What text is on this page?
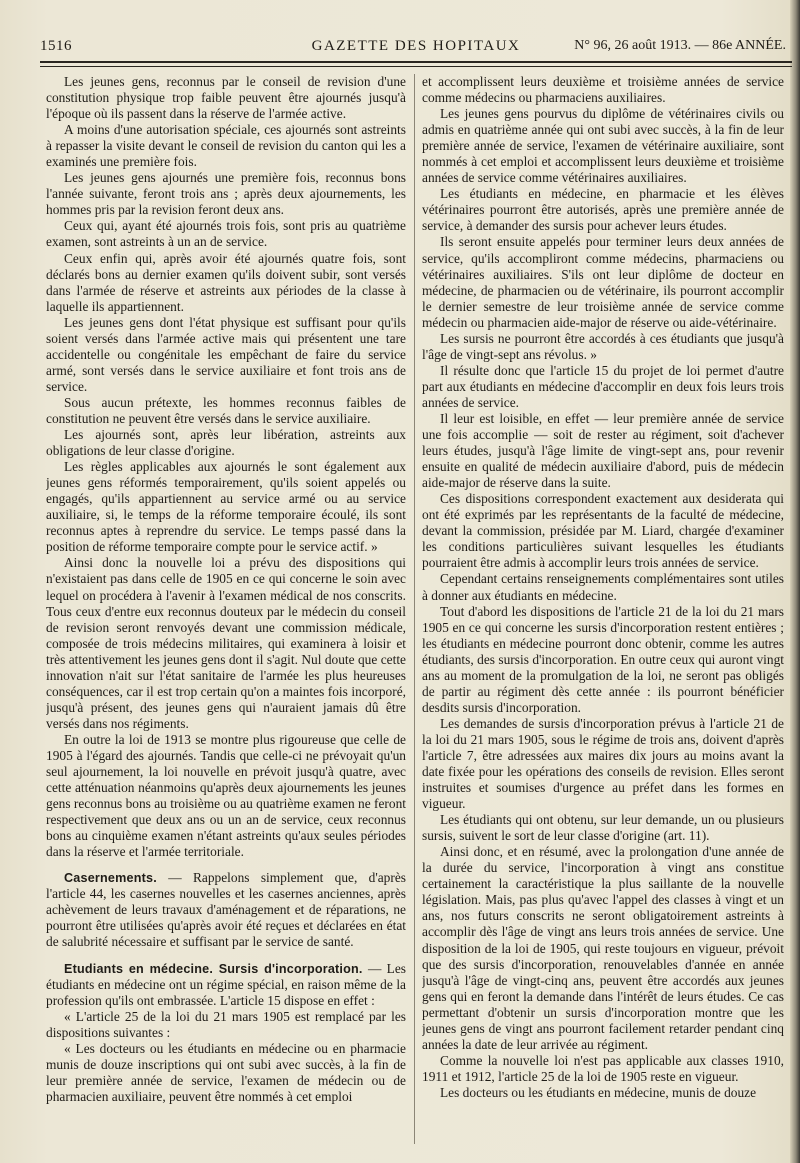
1516	GAZETTE DES HOPITAUX	N° 96, 26 août 1913. — 86e ANNÉE.

Les jeunes gens, reconnus par le conseil de revision d'une constitution physique trop faible peuvent être ajournés jusqu'à l'époque où ils passent dans la réserve de l'armée active.

A moins d'une autorisation spéciale, ces ajournés sont astreints à repasser la visite devant le conseil de revision du canton qui les a examinés une première fois.

Les jeunes gens ajournés une première fois, reconnus bons l'année suivante, feront trois ans ; après deux ajournements, les hommes pris par la revision feront deux ans.

Ceux qui, ayant été ajournés trois fois, sont pris au quatrième examen, sont astreints à un an de service.

Ceux enfin qui, après avoir été ajournés quatre fois, sont déclarés bons au dernier examen qu'ils doivent subir, sont versés dans l'armée de réserve et astreints aux périodes de la classe à laquelle ils appartiennent.

Les jeunes gens dont l'état physique est suffisant pour qu'ils soient versés dans l'armée active mais qui présentent une tare accidentelle ou congénitale les empêchant de faire du service armé, sont versés dans le service auxiliaire et font trois ans de service.

Sous aucun prétexte, les hommes reconnus faibles de constitution ne peuvent être versés dans le service auxiliaire.

Les ajournés sont, après leur libération, astreints aux obligations de leur classe d'origine.

Les règles applicables aux ajournés le sont également aux jeunes gens réformés temporairement, qu'ils soient appelés ou engagés, qu'ils appartiennent au service armé ou au service auxiliaire, si, le temps de la réforme temporaire écoulé, ils sont reconnus aptes à reprendre du service. Le temps passé dans la position de réforme temporaire compte pour le service actif. »

Ainsi donc la nouvelle loi a prévu des dispositions qui n'existaient pas dans celle de 1905 en ce qui concerne le soin avec lequel on procédera à l'avenir à l'examen médical de nos conscrits. Tous ceux d'entre eux reconnus douteux par le médecin du conseil de revision seront renvoyés devant une commission médicale, composée de trois médecins militaires, qui examinera à loisir et très attentivement les jeunes gens dont il s'agit. Nul doute que cette innovation n'ait sur l'état sanitaire de l'armée les plus heureuses conséquences, car il est trop certain qu'on a maintes fois incorporé, jusqu'à présent, des jeunes gens qui n'auraient jamais dû être versés dans nos régiments.

En outre la loi de 1913 se montre plus rigoureuse que celle de 1905 à l'égard des ajournés. Tandis que celle-ci ne prévoyait qu'un seul ajournement, la loi nouvelle en prévoit jusqu'à quatre, avec cette atténuation néanmoins qu'après deux ajournements les jeunes gens reconnus bons au troisième ou au quatrième examen ne feront respectivement que deux ans ou un an de service, ceux reconnus bons au cinquième examen n'étant astreints qu'aux seules périodes dans la réserve et l'armée territoriale.

Casernements. — Rappelons simplement que, d'après l'article 44, les casernes nouvelles et les casernes anciennes, après achèvement de leurs travaux d'aménagement et de réparations, ne pourront être utilisées qu'après avoir été reçues et déclarées en état de salubrité nécessaire et suffisant par le service de santé.

Etudiants en médecine. Sursis d'incorporation. — Les étudiants en médecine ont un régime spécial, en raison même de la profession qu'ils ont embrassée. L'article 15 dispose en effet :

« L'article 25 de la loi du 21 mars 1905 est remplacé par les dispositions suivantes :

« Les docteurs ou les étudiants en médecine ou en pharmacie munis de douze inscriptions qui ont subi avec succès, à la fin de leur première année de service, l'examen de médecin ou de pharmacien auxiliaire, peuvent être nommés à cet emploi

et accomplissent leurs deuxième et troisième années de service comme médecins ou pharmaciens auxiliaires.

Les jeunes gens pourvus du diplôme de vétérinaires civils ou admis en quatrième année qui ont subi avec succès, à la fin de leur première année de service, l'examen de vétérinaire auxiliaire, sont nommés à cet emploi et accomplissent leurs deuxième et troisième années de service comme vétérinaires auxiliaires.

Les étudiants en médecine, en pharmacie et les élèves vétérinaires pourront être autorisés, après une première année de service, à demander des sursis pour achever leurs études.

Ils seront ensuite appelés pour terminer leurs deux années de service, qu'ils accompliront comme médecins, pharmaciens ou vétérinaires auxiliaires. S'ils ont leur diplôme de docteur en médecine, de pharmacien ou de vétérinaire, ils pourront accomplir le dernier semestre de leur troisième année de service comme médecin ou pharmacien aide-major de réserve ou aide-vétérinaire.

Les sursis ne pourront être accordés à ces étudiants que jusqu'à l'âge de vingt-sept ans révolus. »

Il résulte donc que l'article 15 du projet de loi permet d'autre part aux étudiants en médecine d'accomplir en deux fois leurs trois années de service.

Il leur est loisible, en effet — leur première année de service une fois accomplie — soit de rester au régiment, soit d'achever leurs études, jusqu'à l'âge limite de vingt-sept ans, pour revenir ensuite en qualité de médecin auxiliaire d'abord, puis de médecin aide-major de réserve dans la suite.

Ces dispositions correspondent exactement aux desiderata qui ont été exprimés par les représentants de la faculté de médecine, devant la commission, présidée par M. Liard, chargée d'examiner les conditions particulières suivant lesquelles les étudiants pourraient être admis à accomplir leurs trois années de service.

Cependant certains renseignements complémentaires sont utiles à donner aux étudiants en médecine.

Tout d'abord les dispositions de l'article 21 de la loi du 21 mars 1905 en ce qui concerne les sursis d'incorporation restent entières ; les étudiants en médecine pourront donc obtenir, comme les autres étudiants, des sursis d'incorporation. En outre ceux qui auront vingt ans au moment de la promulgation de la loi, ne seront pas obligés de partir au régiment dès cette année : ils pourront bénéficier desdits sursis d'incorporation.

Les demandes de sursis d'incorporation prévus à l'article 21 de la loi du 21 mars 1905, sous le régime de trois ans, doivent d'après l'article 7, être adressées aux maires dix jours au moins avant la date fixée pour les opérations des conseils de revision. Elles seront instruites et soumises d'urgence au préfet dans les formes en vigueur.

Les étudiants qui ont obtenu, sur leur demande, un ou plusieurs sursis, suivent le sort de leur classe d'origine (art. 11).

Ainsi donc, et en résumé, avec la prolongation d'une année de la durée du service, l'incorporation à vingt ans constitue certainement la caractéristique la plus saillante de la nouvelle législation. Mais, pas plus qu'avec l'appel des classes à vingt et un ans, nos futurs conscrits ne seront obligatoirement astreints à accomplir dès l'âge de vingt ans leurs trois années de service. Une disposition de la loi de 1905, qui reste toujours en vigueur, prévoit que des sursis d'incorporation, renouvelables d'année en année jusqu'à l'âge de vingt-cinq ans, peuvent être accordés aux jeunes gens qui en feront la demande dans l'intérêt de leurs études. Ce cas permettant d'obtenir un sursis d'incorporation montre que les jeunes gens de vingt ans pourront facilement retarder pendant cinq années la date de leur arrivée au régiment.

Comme la nouvelle loi n'est pas applicable aux classes 1910, 1911 et 1912, l'article 25 de la loi de 1905 reste en vigueur.

Les docteurs ou les étudiants en médecine, munis de douze
